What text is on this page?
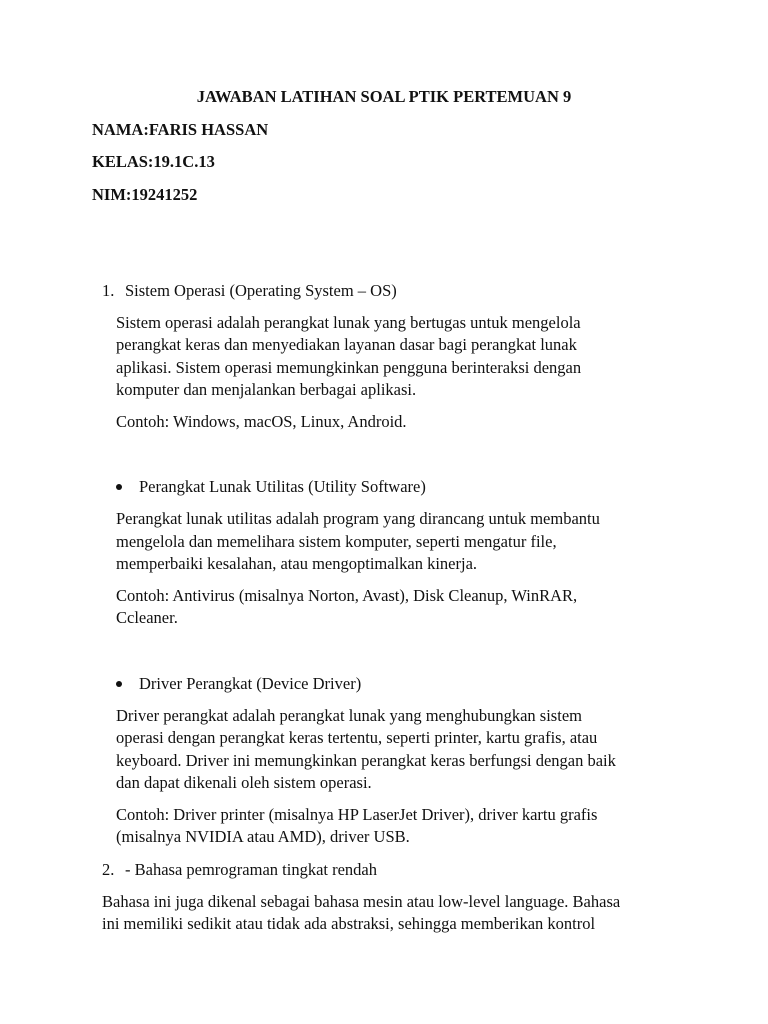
JAWABAN LATIHAN SOAL PTIK PERTEMUAN 9

NAMA:FARIS HASSAN

KELAS:19.1C.13

NIM:19241252

1. Sistem Operasi (Operating System – OS)

Sistem operasi adalah perangkat lunak yang bertugas untuk mengelola

perangkat keras dan menyediakan layanan dasar bagi perangkat lunak

aplikasi. Sistem operasi memungkinkan pengguna berinteraksi dengan

komputer dan menjalankan berbagai aplikasi.

Contoh: Windows, macOS, Linux, Android.

Perangkat Lunak Utilitas (Utility Software)

Perangkat lunak utilitas adalah program yang dirancang untuk membantu

mengelola dan memelihara sistem komputer, seperti mengatur file,

memperbaiki kesalahan, atau mengoptimalkan kinerja.

Contoh: Antivirus (misalnya Norton, Avast), Disk Cleanup, WinRAR,

Ccleaner.

Driver Perangkat (Device Driver)

Driver perangkat adalah perangkat lunak yang menghubungkan sistem

operasi dengan perangkat keras tertentu, seperti printer, kartu grafis, atau

keyboard. Driver ini memungkinkan perangkat keras berfungsi dengan baik

dan dapat dikenali oleh sistem operasi.

Contoh: Driver printer (misalnya HP LaserJet Driver), driver kartu grafis

(misalnya NVIDIA atau AMD), driver USB.

2. - Bahasa pemrograman tingkat rendah

Bahasa ini juga dikenal sebagai bahasa mesin atau low-level language. Bahasa

ini memiliki sedikit atau tidak ada abstraksi, sehingga memberikan kontrol
